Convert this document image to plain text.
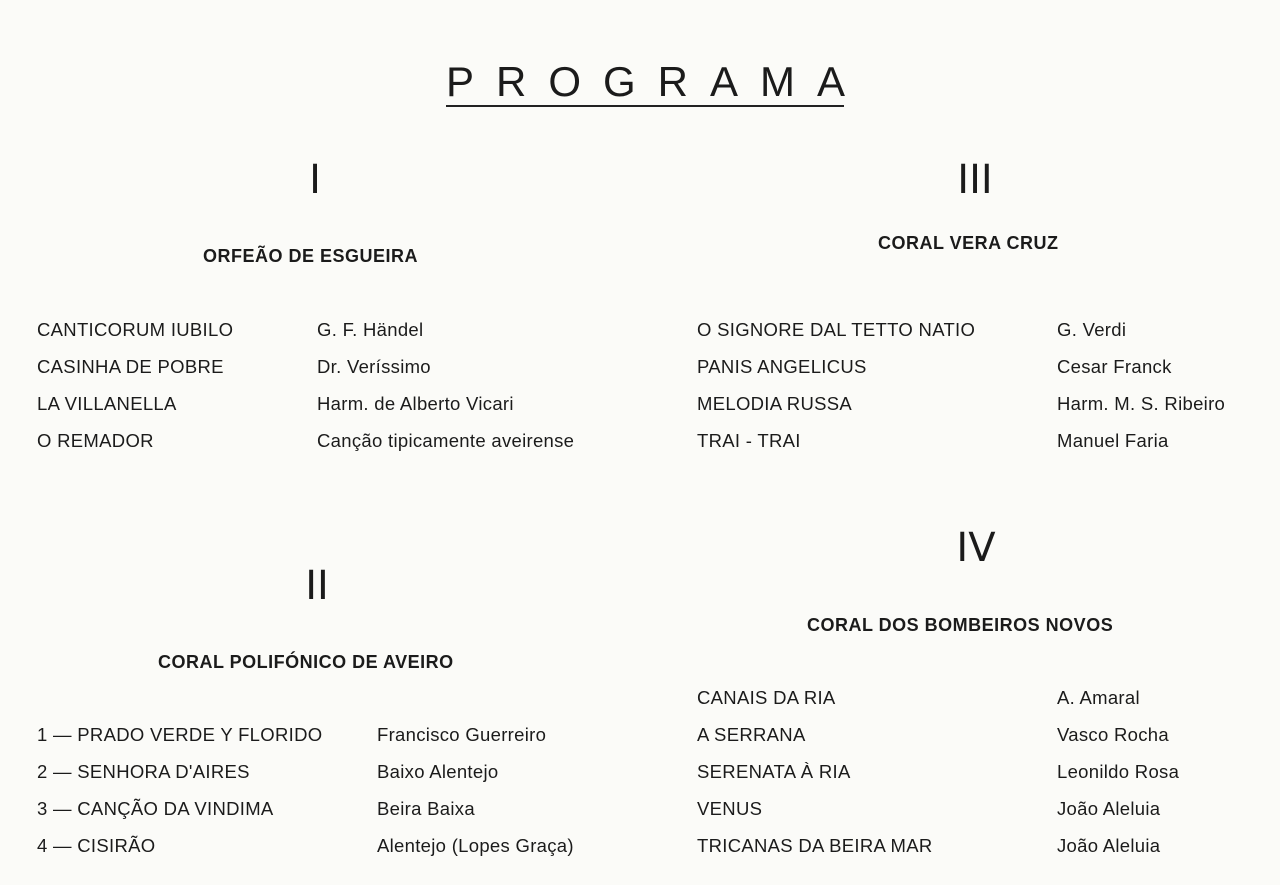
PROGRAMA
I
ORFEÃO DE ESGUEIRA
CANTICORUM IUBILO	G. F. Händel
CASINHA DE POBRE	Dr. Veríssimo
LA VILLANELLA	Harm. de Alberto Vicari
O REMADOR	Canção tipicamente aveirense
II
CORAL POLIFÓNICO DE AVEIRO
1 — PRADO VERDE Y FLORIDO	Francisco Guerreiro
2 — SENHORA D'AIRES	Baixo Alentejo
3 — CANÇÃO DA VINDIMA	Beira Baixa
4 — CISIRÃO	Alentejo (Lopes Graça)
III
CORAL VERA CRUZ
O SIGNORE DAL TETTO NATIO	G. Verdi
PANIS ANGELICUS	Cesar Franck
MELODIA RUSSA	Harm. M. S. Ribeiro
TRAI - TRAI	Manuel Faria
IV
CORAL DOS BOMBEIROS NOVOS
CANAIS DA RIA	A. Amaral
A SERRANA	Vasco Rocha
SERENATA À RIA	Leonildo Rosa
VENUS	João Aleluia
TRICANAS DA BEIRA MAR	João Aleluia
